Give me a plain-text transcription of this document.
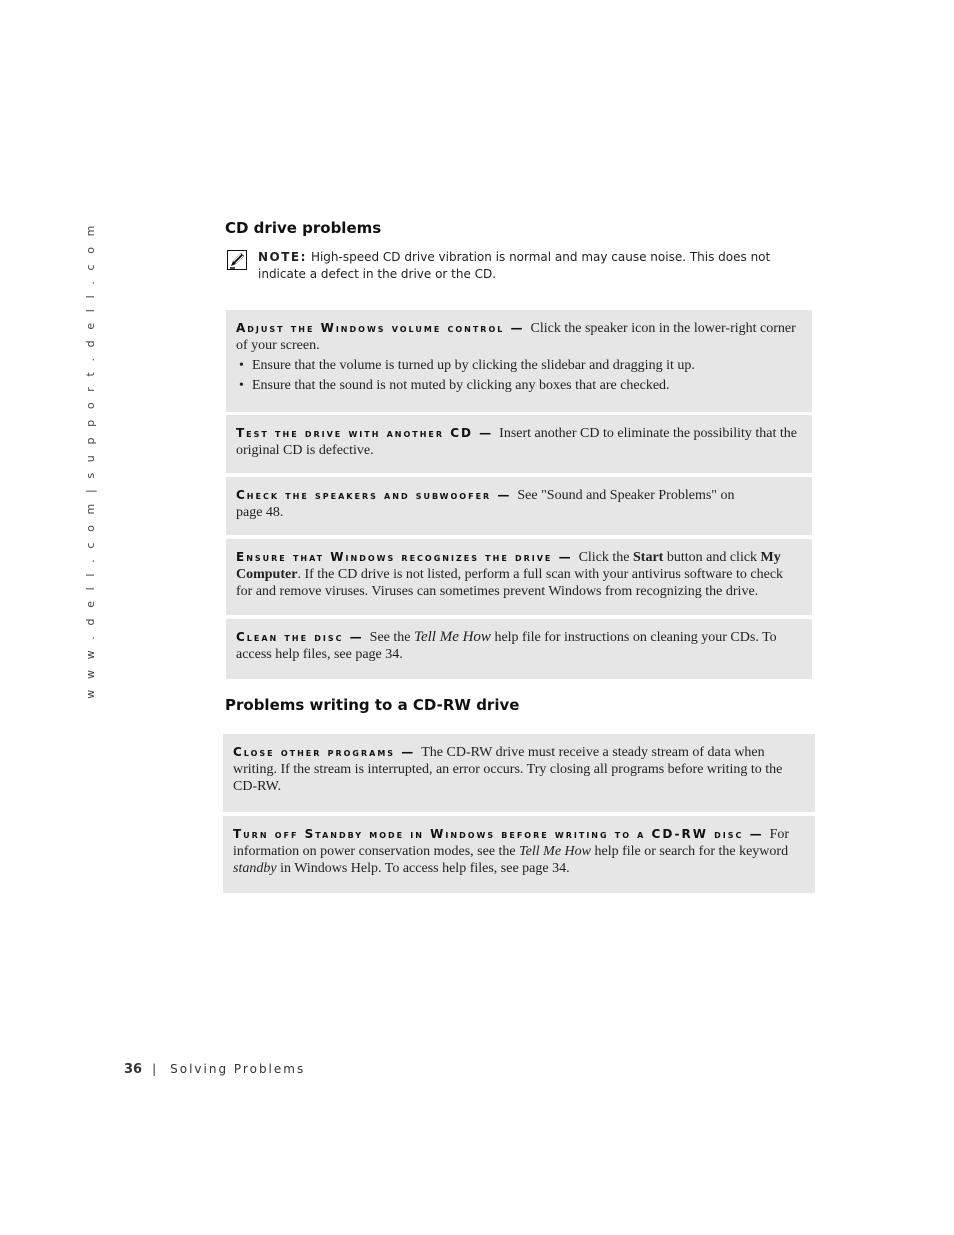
w w w . d e l l . c o m | s u p p o r t . d e l l . c o m	CD drive problems
NOTE: High-speed CD drive vibration is normal and may cause noise. This does not indicate a defect in the drive or the CD.
Adjust the Windows volume control — Click the speaker icon in the lower-right corner of your screen.
• Ensure that the volume is turned up by clicking the slidebar and dragging it up.
• Ensure that the sound is not muted by clicking any boxes that are checked.
Test the drive with another CD — Insert another CD to eliminate the possibility that the original CD is defective.
Check the speakers and subwoofer — See "Sound and Speaker Problems" on page 48.
Ensure that Windows recognizes the drive — Click the Start button and click My Computer. If the CD drive is not listed, perform a full scan with your antivirus software to check for and remove viruses. Viruses can sometimes prevent Windows from recognizing the drive.
Clean the disc — See the Tell Me How help file for instructions on cleaning your CDs. To access help files, see page 34.
Problems writing to a CD-RW drive
Close other programs — The CD-RW drive must receive a steady stream of data when writing. If the stream is interrupted, an error occurs. Try closing all programs before writing to the CD-RW.
Turn off Standby mode in Windows before writing to a CD-RW disc — For information on power conservation modes, see the Tell Me How help file or search for the keyword standby in Windows Help. To access help files, see page 34.
36 | Solving Problems
